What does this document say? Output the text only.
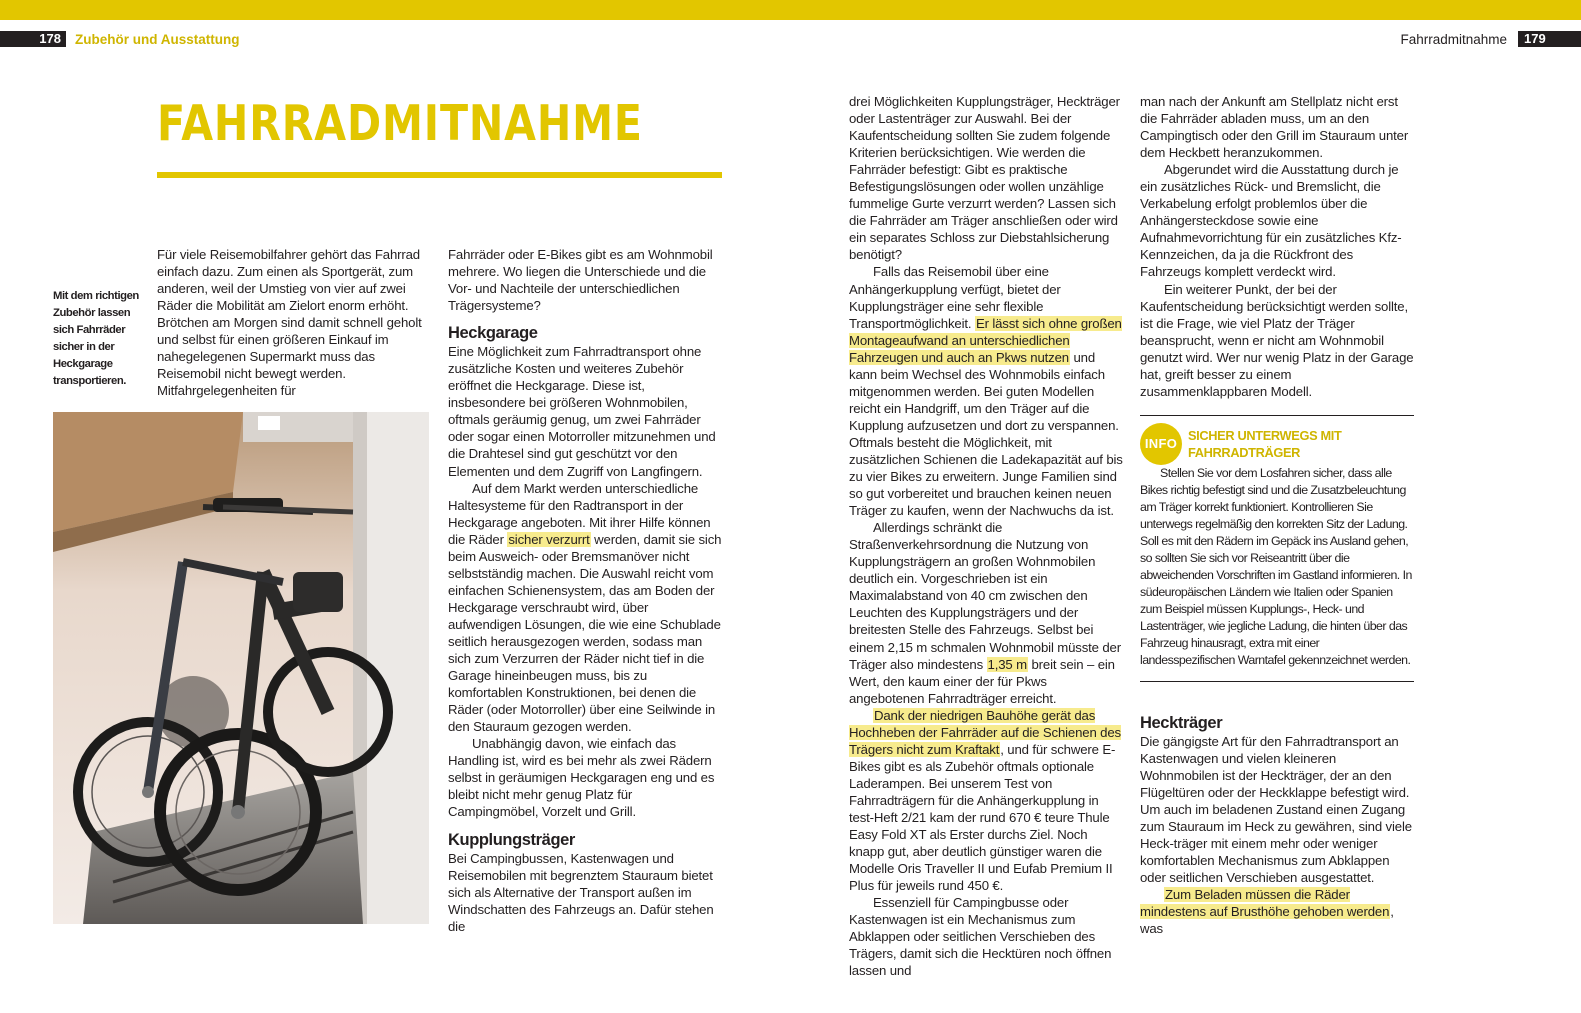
178	Zubehör und Ausstattung	Fahrradmitnahme	179
FAHRRADMITNAHME
Mit dem richtigen Zubehör lassen sich Fahrräder sicher in der Heckgarage transportieren.

Für viele Reisemobilfahrer gehört das Fahrrad einfach dazu. Zum einen als Sportgerät, zum anderen, weil der Umstieg von vier auf zwei Räder die Mobilität am Zielort enorm erhöht. Brötchen am Morgen sind damit schnell geholt und selbst für einen größeren Einkauf im nahegelegenen Supermarkt muss das Reisemobil nicht bewegt werden. Mitfahrgelegenheiten für

Fahrräder oder E-Bikes gibt es am Wohnmobil mehrere. Wo liegen die Unterschiede und die Vor- und Nachteile der unterschiedlichen Trägersysteme?

Heckgarage

Eine Möglichkeit zum Fahrradtransport ohne zusätzliche Kosten und weiteres Zubehör eröffnet die Heckgarage. Diese ist, insbesondere bei größeren Wohnmobilen, oftmals geräumig genug, um zwei Fahrräder oder sogar einen Motorroller mitzunehmen und die Drahtesel sind gut geschützt vor den Elementen und dem Zugriff von Langfingern.

Auf dem Markt werden unterschiedliche Haltesysteme für den Radtransport in der Heckgarage angeboten. Mit ihrer Hilfe können die Räder sicher verzurrt werden, damit sie sich beim Ausweich- oder Bremsmanöver nicht selbstständig machen. Die Auswahl reicht vom einfachen Schienensystem, das am Boden der Heckgarage verschraubt wird, über aufwendigen Lösungen, die wie eine Schublade seitlich herausgezogen werden, sodass man sich zum Verzurren der Räder nicht tief in die Garage hineinbeugen muss, bis zu komfortablen Konstruktionen, bei denen die Räder (oder Motorroller) über eine Seilwinde in den Stauraum gezogen werden.

Unabhängig davon, wie einfach das Handling ist, wird es bei mehr als zwei Rädern selbst in geräumigen Heckgaragen eng und es bleibt nicht mehr genug Platz für Campingmöbel, Vorzelt und Grill.

Kupplungsträger

Bei Campingbussen, Kastenwagen und Reisemobilen mit begrenztem Stauraum bietet sich als Alternative der Transport außen im Windschatten des Fahrzeugs an. Dafür stehen die

drei Möglichkeiten Kupplungsträger, Heckträger oder Lastenträger zur Auswahl. Bei der Kaufentscheidung sollten Sie zudem folgende Kriterien berücksichtigen. Wie werden die Fahrräder befestigt: Gibt es praktische Befestigungslösungen oder wollen unzählige fummelige Gurte verzurrt werden? Lassen sich die Fahrräder am Träger anschließen oder wird ein separates Schloss zur Diebstahlsicherung benötigt?

Falls das Reisemobil über eine Anhängerkupplung verfügt, bietet der Kupplungsträger eine sehr flexible Transportmöglichkeit. Er lässt sich ohne großen Montageaufwand an unterschiedlichen Fahrzeugen und auch an Pkws nutzen und kann beim Wechsel des Wohnmobils einfach mitgenommen werden. Bei guten Modellen reicht ein Handgriff, um den Träger auf die Kupplung aufzusetzen und dort zu verspannen. Oftmals besteht die Möglichkeit, mit zusätzlichen Schienen die Ladekapazität auf bis zu vier Bikes zu erweitern. Junge Familien sind so gut vorbereitet und brauchen keinen neuen Träger zu kaufen, wenn der Nachwuchs da ist.

Allerdings schränkt die Straßenverkehrsordnung die Nutzung von Kupplungsträgern an großen Wohnmobilen deutlich ein. Vorgeschrieben ist ein Maximalabstand von 40 cm zwischen den Leuchten des Kupplungsträgers und der breitesten Stelle des Fahrzeugs. Selbst bei einem 2,15 m schmalen Wohnmobil müsste der Träger also mindestens 1,35 m breit sein – ein Wert, den kaum einer der für Pkws angebotenen Fahrradträger erreicht.

Dank der niedrigen Bauhöhe gerät das Hochheben der Fahrräder auf die Schienen des Trägers nicht zum Kraftakt, und für schwere E-Bikes gibt es als Zubehör oftmals optionale Laderampen. Bei unserem Test von Fahrradträgern für die Anhängerkupplung in test-Heft 2/21 kam der rund 670 € teure Thule Easy Fold XT als Erster durchs Ziel. Noch knapp gut, aber deutlich günstiger waren die Modelle Oris Traveller II und Eufab Premium II Plus für jeweils rund 450 €.

Essenziell für Campingbusse oder Kastenwagen ist ein Mechanismus zum Abklappen oder seitlichen Verschieben des Trägers, damit sich die Hecktüren noch öffnen lassen und

man nach der Ankunft am Stellplatz nicht erst die Fahrräder abladen muss, um an den Campingtisch oder den Grill im Stauraum unter dem Heckbett heranzukommen.

Abgerundet wird die Ausstattung durch je ein zusätzliches Rück- und Bremslicht, die Verkabelung erfolgt problemlos über die Anhängersteckdose sowie eine Aufnahmevorrichtung für ein zusätzliches Kfz-Kennzeichen, da ja die Rückfront des Fahrzeugs komplett verdeckt wird.

Ein weiterer Punkt, der bei der Kaufentscheidung berücksichtigt werden sollte, ist die Frage, wie viel Platz der Träger beansprucht, wenn er nicht am Wohnmobil genutzt wird. Wer nur wenig Platz in der Garage hat, greift besser zu einem zusammenklappbaren Modell.

INFO
SICHER UNTERWEGS MIT FAHRRADTRÄGER

Stellen Sie vor dem Losfahren sicher, dass alle Bikes richtig befestigt sind und die Zusatzbeleuchtung am Träger korrekt funktioniert. Kontrollieren Sie unterwegs regelmäßig den korrekten Sitz der Ladung. Soll es mit den Rädern im Gepäck ins Ausland gehen, so sollten Sie sich vor Reiseantritt über die abweichenden Vorschriften im Gastland informieren. In südeuropäischen Ländern wie Italien oder Spanien zum Beispiel müssen Kupplungs-, Heck- und Lastenträger, wie jegliche Ladung, die hinten über das Fahrzeug hinausragt, extra mit einer landesspezifischen Warntafel gekennzeichnet werden.

Heckträger

Die gängigste Art für den Fahrradtransport an Kastenwagen und vielen kleineren Wohnmobilen ist der Heckträger, der an den Flügeltüren oder der Heckklappe befestigt wird. Um auch im beladenen Zustand einen Zugang zum Stauraum im Heck zu gewähren, sind viele Heck-träger mit einem mehr oder weniger komfortablen Mechanismus zum Abklappen oder seitlichen Verschieben ausgestattet.

Zum Beladen müssen die Räder mindestens auf Brusthöhe gehoben werden, was
